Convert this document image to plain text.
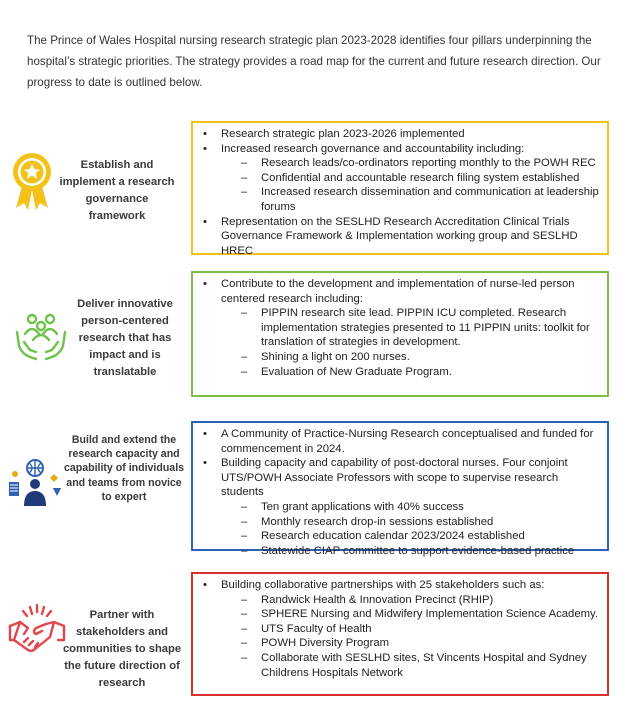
The Prince of Wales Hospital nursing research strategic plan 2023-2028 identifies four pillars underpinning the hospital’s strategic priorities. The strategy provides a road map for the current and future research direction. Our progress to date is outlined below.

Establish and implement a research governance framework
• Research strategic plan 2023-2026 implemented
• Increased research governance and accountability including:
– Research leads/co-ordinators reporting monthly to the POWH REC
– Confidential and accountable research filing system established
– Increased research dissemination and communication at leadership forums
• Representation on the SESLHD Research Accreditation Clinical Trials Governance Framework & Implementation working group and SESLHD HREC
Deliver innovative person-centered research that has impact and is translatable
• Contribute to the development and implementation of nurse-led person centered research including:
– PIPPIN research site lead. PIPPIN ICU completed. Research implementation strategies presented to 11 PIPPIN units: toolkit for translation of strategies in development.
– Shining a light on 200 nurses.
– Evaluation of New Graduate Program.
Build and extend the research capacity and capability of individuals and teams from novice to expert
• A Community of Practice-Nursing Research conceptualised and funded for commencement in 2024.
• Building capacity and capability of post-doctoral nurses. Four conjoint UTS/POWH Associate Professors with scope to supervise research students
– Ten grant applications with 40% success
– Monthly research drop-in sessions established
– Research education calendar 2023/2024 established
– Statewide CIAP committee to support evidence-based practice
Partner with stakeholders and communities to shape the future direction of research
• Building collaborative partnerships with 25 stakeholders such as:
– Randwick Health & Innovation Precinct (RHIP)
– SPHERE Nursing and Midwifery Implementation Science Academy.
– UTS Faculty of Health
– POWH Diversity Program
– Collaborate with SESLHD sites, St Vincents Hospital and Sydney Childrens Hospitals Network
